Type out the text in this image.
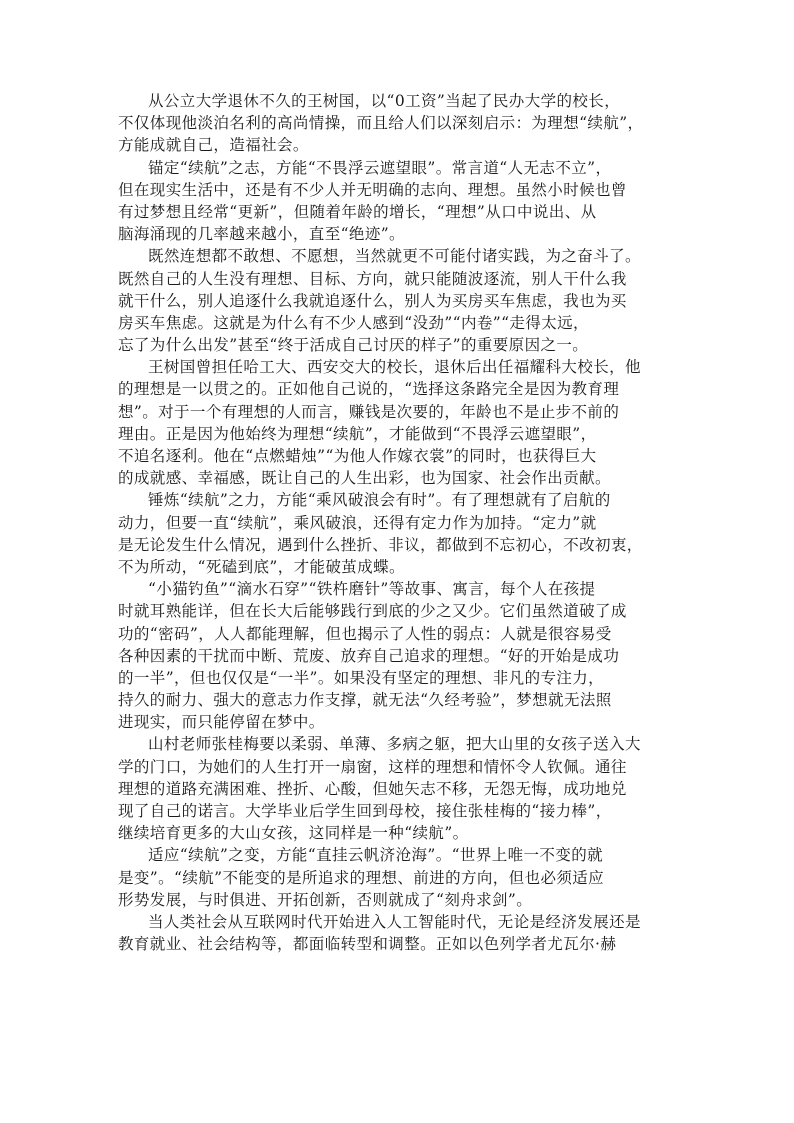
从公立大学退休不久的王树国，以“0工资”当起了民办大学的校长，

不仅体现他淡泊名利的高尚情操，而且给人们以深刻启示：为理想“续航”，

方能成就自己，造福社会。

锚定“续航”之志，方能“不畏浮云遮望眼”。常言道“人无志不立”，

但在现实生活中，还是有不少人并无明确的志向、理想。虽然小时候也曾

有过梦想且经常“更新”，但随着年龄的增长，“理想”从口中说出、从

脑海涌现的几率越来越小，直至“绝迹”。

既然连想都不敢想、不愿想，当然就更不可能付诸实践，为之奋斗了。

既然自己的人生没有理想、目标、方向，就只能随波逐流，别人干什么我

就干什么，别人追逐什么我就追逐什么，别人为买房买车焦虑，我也为买

房买车焦虑。这就是为什么有不少人感到“没劲”“内卷”“走得太远，

忘了为什么出发”甚至“终于活成自己讨厌的样子”的重要原因之一。

王树国曾担任哈工大、西安交大的校长，退休后出任福耀科大校长，他

的理想是一以贯之的。正如他自己说的，“选择这条路完全是因为教育理

想”。对于一个有理想的人而言，赚钱是次要的，年龄也不是止步不前的

理由。正是因为他始终为理想“续航”，才能做到“不畏浮云遮望眼”，

不追名逐利。他在“点燃蜡烛”“为他人作嫁衣裳”的同时，也获得巨大

的成就感、幸福感，既让自己的人生出彩，也为国家、社会作出贡献。

锤炼“续航”之力，方能“乘风破浪会有时”。有了理想就有了启航的

动力，但要一直“续航”，乘风破浪，还得有定力作为加持。“定力”就

是无论发生什么情况，遇到什么挫折、非议，都做到不忘初心，不改初衷，

不为所动，“死磕到底”，才能破茧成蝶。

“小猫钓鱼”“滴水石穿”“铁杵磨针”等故事、寓言，每个人在孩提

时就耳熟能详，但在长大后能够践行到底的少之又少。它们虽然道破了成

功的“密码”，人人都能理解，但也揭示了人性的弱点：人就是很容易受

各种因素的干扰而中断、荒废、放弃自己追求的理想。“好的开始是成功

的一半”，但也仅仅是“一半”。如果没有坚定的理想、非凡的专注力，

持久的耐力、强大的意志力作支撑，就无法“久经考验”，梦想就无法照

进现实，而只能停留在梦中。

山村老师张桂梅要以柔弱、单薄、多病之躯，把大山里的女孩子送入大

学的门口，为她们的人生打开一扇窗，这样的理想和情怀令人钦佩。通往

理想的道路充满困难、挫折、心酸，但她矢志不移，无怨无悔，成功地兑

现了自己的诺言。大学毕业后学生回到母校，接住张桂梅的“接力棒”，

继续培育更多的大山女孩，这同样是一种“续航”。

适应“续航”之变，方能“直挂云帆济沧海”。“世界上唯一不变的就

是变”。“续航”不能变的是所追求的理想、前进的方向，但也必须适应

形势发展，与时俱进、开拓创新，否则就成了“刻舟求剑”。

当人类社会从互联网时代开始进入人工智能时代，无论是经济发展还是

教育就业、社会结构等，都面临转型和调整。正如以色列学者尤瓦尔·赫
